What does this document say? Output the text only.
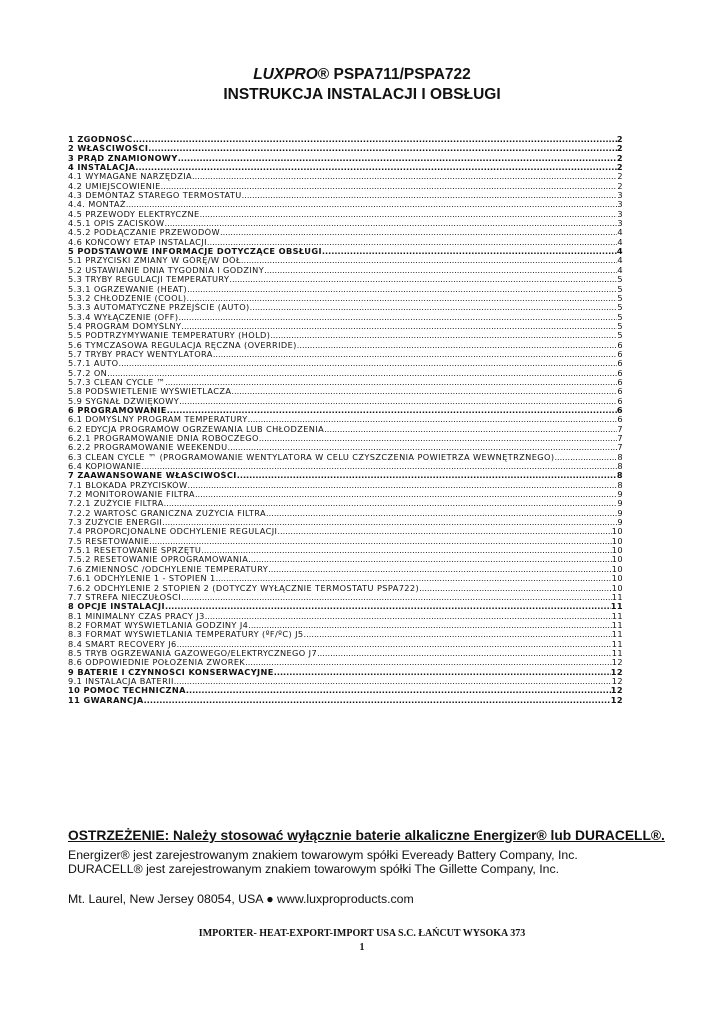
LUXPRO® PSPA711/PSPA722
INSTRUKCJA INSTALACJI I OBSŁUGI
1 ZGODNOŚĆ .....	2
2 WŁAŚCIWOŚCI .....	2
3 PRĄD ZNAMIONOWY .....	2
4 INSTALACJA .....	2
4.1 WYMAGANE NARZĘDZIA .....	2
4.2 UMIEJSCOWIENIE .....	2
4.3 DEMONTAŻ STAREGO TERMOSTATU .....	3
4.4. MONTAŻ .....	3
4.5 PRZEWODY ELEKTRYCZNE .....	3
4.5.1 OPIS ZACISKÓW .....	3
4.5.2 PODŁĄCZANIE PRZEWODÓW .....	4
4.6 KOŃCOWY ETAP INSTALACJI .....	4
5 PODSTAWOWE INFORMACJE DOTYCZĄCE OBSŁUGI .....	4
5.1 PRZYCISKI ZMIANY W GÓRĘ/W DÓŁ .....	4
5.2 USTAWIANIE DNIA TYGODNIA I GODZINY .....	4
5.3 TRYBY REGULACJI TEMPERATURY .....	5
5.3.1 OGRZEWANIE (HEAT) .....	5
5.3.2 CHŁODZENIE (COOL) .....	5
5.3.3 AUTOMATYCZNE PRZEJŚCIE (AUTO) .....	5
5.3.4 WYŁĄCZENIE (OFF) .....	5
5.4 PROGRAM DOMYŚLNY .....	5
5.5 PODTRZYMYWANIE TEMPERATURY (HOLD) .....	5
5.6 TYMCZASOWA REGULACJA RĘCZNA (OVERRIDE) .....	6
5.7 TRYBY PRACY WENTYLATORA .....	6
5.7.1 AUTO .....	6
5.7.2 ON .....	6
5.7.3 CLEAN CYCLE ™ .....	6
5.8 PODŚWIETLENIE WYŚWIETLACZA .....	6
5.9 SYGNAŁ DŹWIĘKOWY .....	6
6 PROGRAMOWANIE .....	6
6.1 DOMYŚLNY PROGRAM TEMPERATURY .....	6
6.2 EDYCJA PROGRAMÓW OGRZEWANIA LUB CHŁODZENIA .....	7
6.2.1 PROGRAMOWANIE DNIA ROBOCZEGO .....	7
6.2.2 PROGRAMOWANIE WEEKENDU .....	7
6.3 CLEAN CYCLE ™ (PROGRAMOWANIE WENTYLATORA W CELU CZYSZCZENIA POWIETRZA WEWNĘTRZNEGO) .....	8
6.4 KOPIOWANIE .....	8
7 ZAAWANSOWANE WŁAŚCIWOŚCI .....	8
7.1 BLOKADA PRZYCISKÓW .....	8
7.2 MONITOROWANIE FILTRA .....	9
7.2.1 ZUŻYCIE FILTRA .....	9
7.2.2 WARTOŚĆ GRANICZNA ZUŻYCIA FILTRA .....	9
7.3 ZUŻYCIE ENERGII .....	9
7.4 PROPORCJONALNE ODCHYLENIE REGULACJI .....	10
7.5 RESETOWANIE .....	10
7.5.1 RESETOWANIE SPRZĘTU .....	10
7.5.2 RESETOWANIE OPROGRAMOWANIA .....	10
7.6 ZMIENNOŚĆ /ODCHYLENIE TEMPERATURY .....	10
7.6.1 ODCHYLENIE 1 - STOPIEŃ 1 .....	10
7.6.2 ODCHYLENIE 2 STOPIEŃ 2 (DOTYCZY WYŁĄCZNIE TERMOSTATU PSPA722) .....	10
7.7 STREFA NIECZUŁOŚCI .....	11
8 OPCJE INSTALACJI .....	11
8.1 MINIMALNY CZAS PRACY J3 .....	11
8.2 FORMAT WYŚWIETLANIA GODZINY J4 .....	11
8.3 FORMAT WYŚWIETLANIA TEMPERATURY (ºF/ºC) J5 .....	11
8.4 SMART RECOVERY J6 .....	11
8.5 TRYB OGRZEWANIA GAZOWEGO/ELEKTRYCZNEGO J7 .....	11
8.6 ODPOWIEDNIE POŁOŻENIA ZWOREK .....	12
9 BATERIE I CZYNNOŚCI KONSERWACYJNE .....	12
9.1 INSTALACJA BATERII .....	12
10 POMOC TECHNICZNA .....	12
11 GWARANCJA .....	12
OSTRZEŻENIE: Należy stosować wyłącznie baterie alkaliczne Energizer® lub DURACELL®.
Energizer® jest zarejestrowanym znakiem towarowym spółki Eveready Battery Company, Inc.
DURACELL® jest zarejestrowanym znakiem towarowym spółki The Gillette Company, Inc.
Mt. Laurel, New Jersey 08054, USA ● www.luxproproducts.com
IMPORTER- HEAT-EXPORT-IMPORT USA S.C. ŁAŃCUT WYSOKA 373
1
